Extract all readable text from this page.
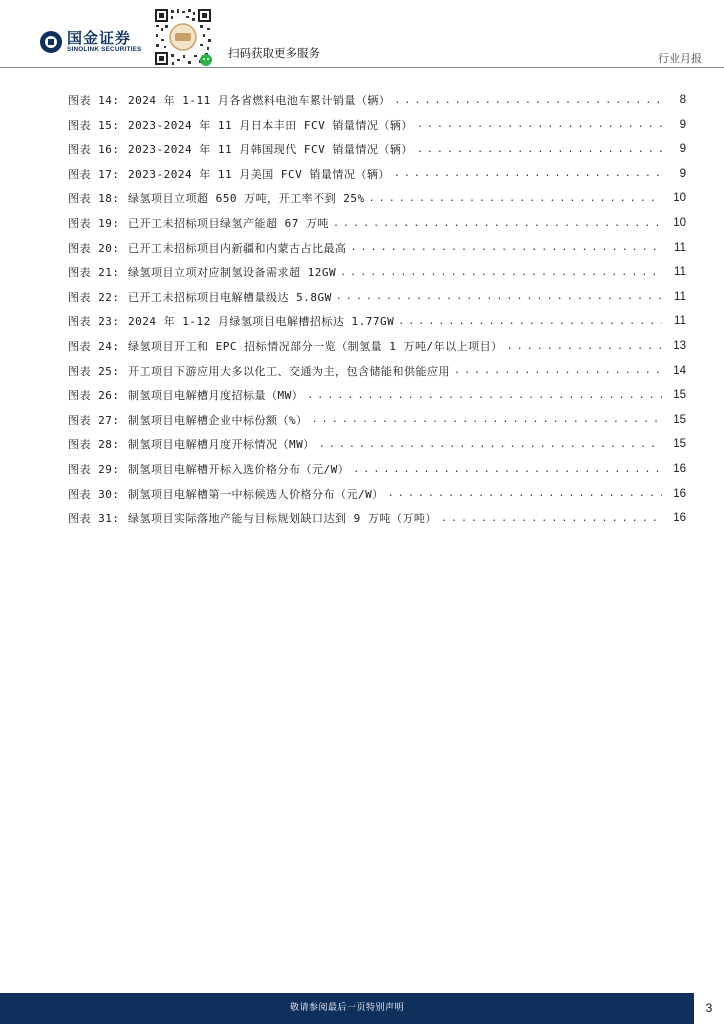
国金证券
SINOLINK SECURITIES	扫码获取更多服务	行业月报
图表 14: 2024 年 1-11 月各省燃料电池车累计销量（辆） . . .	8
图表 15: 2023-2024 年 11 月日本丰田 FCV 销量情况（辆） . . .	9
图表 16: 2023-2024 年 11 月韩国现代 FCV 销量情况（辆） . . .	9
图表 17: 2023-2024 年 11 月美国 FCV 销量情况（辆） . . .	9
图表 18: 绿氢项目立项超 650 万吨，开工率不到 25% . . .	10
图表 19: 已开工未招标项目绿氢产能超 67 万吨 . . .	10
图表 20: 已开工未招标项目内新疆和内蒙古占比最高 . . .	11
图表 21: 绿氢项目立项对应制氢设备需求超 12GW . . .	11
图表 22: 已开工未招标项目电解槽量级达 5.8GW . . .	11
图表 23: 2024 年 1-12 月绿氢项目电解槽招标达 1.77GW . . .	11
图表 24: 绿氢项目开工和 EPC 招标情况部分一览（制氢量 1 万吨/年以上项目） . . .	13
图表 25: 开工项目下游应用大多以化工、交通为主，包含储能和供能应用 . . .	14
图表 26: 制氢项目电解槽月度招标量（MW） . . .	15
图表 27: 制氢项目电解槽企业中标份额（%） . . .	15
图表 28: 制氢项目电解槽月度开标情况（MW） . . .	15
图表 29: 制氢项目电解槽开标入选价格分布（元/W） . . .	16
图表 30: 制氢项目电解槽第一中标候选人价格分布（元/W） . . .	16
图表 31: 绿氢项目实际落地产能与目标规划缺口达到 9 万吨（万吨） . . .	16
敬请参阅最后一页特别声明	3
